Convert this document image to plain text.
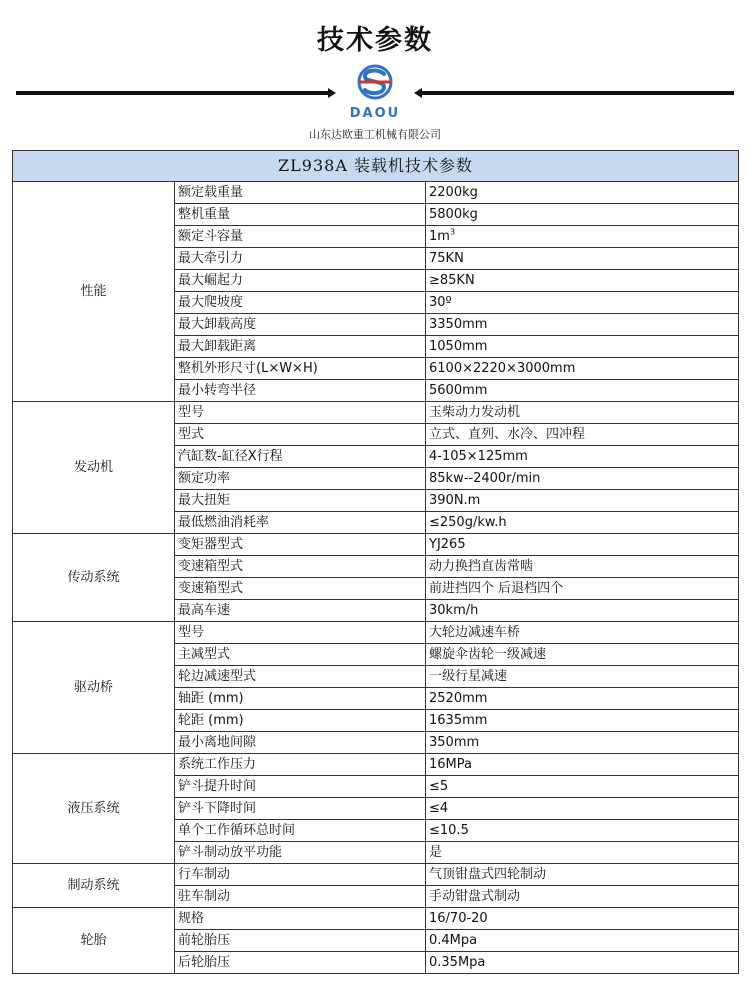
技术参数
DAOU
山东达欧重工机械有限公司
ZL938A 装载机技术参数		
性能	额定载重量	2200kg
	整机重量	5800kg
	额定斗容量	$1m^3$
	最大牵引力	75KN
	最大崛起力	≥85KN
	最大爬坡度	30º
	最大卸载高度	3350mm
	最大卸载距离	1050mm
	整机外形尺寸(L×W×H)	6100×2220×3000mm
	最小转弯半径	5600mm
发动机	型号	玉柴动力发动机
	型式	立式、直列、水冷、四冲程
	汽缸数-缸径X行程	4-105×125mm
	额定功率	85kw--2400r/min
	最大扭矩	390N.m
	最低燃油消耗率	≤250g/kw.h
传动系统	变矩器型式	YJ265
	变速箱型式	动力换挡直齿常啮
	变速箱型式	前进挡四个 后退档四个
	最高车速	30km/h
驱动桥	型号	大轮边减速车桥
	主减型式	螺旋伞齿轮一级减速
	轮边减速型式	一级行星减速
	轴距 (mm)	2520mm
	轮距 (mm)	1635mm
	最小离地间隙	350mm
液压系统	系统工作压力	16MPa
	铲斗提升时间	≤5
	铲斗下降时间	≤4
	单个工作循环总时间	≤10.5
	铲斗制动放平功能	是
制动系统	行车制动	气顶钳盘式四轮制动
	驻车制动	手动钳盘式制动
轮胎	规格	16/70-20
	前轮胎压	0.4Mpa
	后轮胎压	0.35Mpa
